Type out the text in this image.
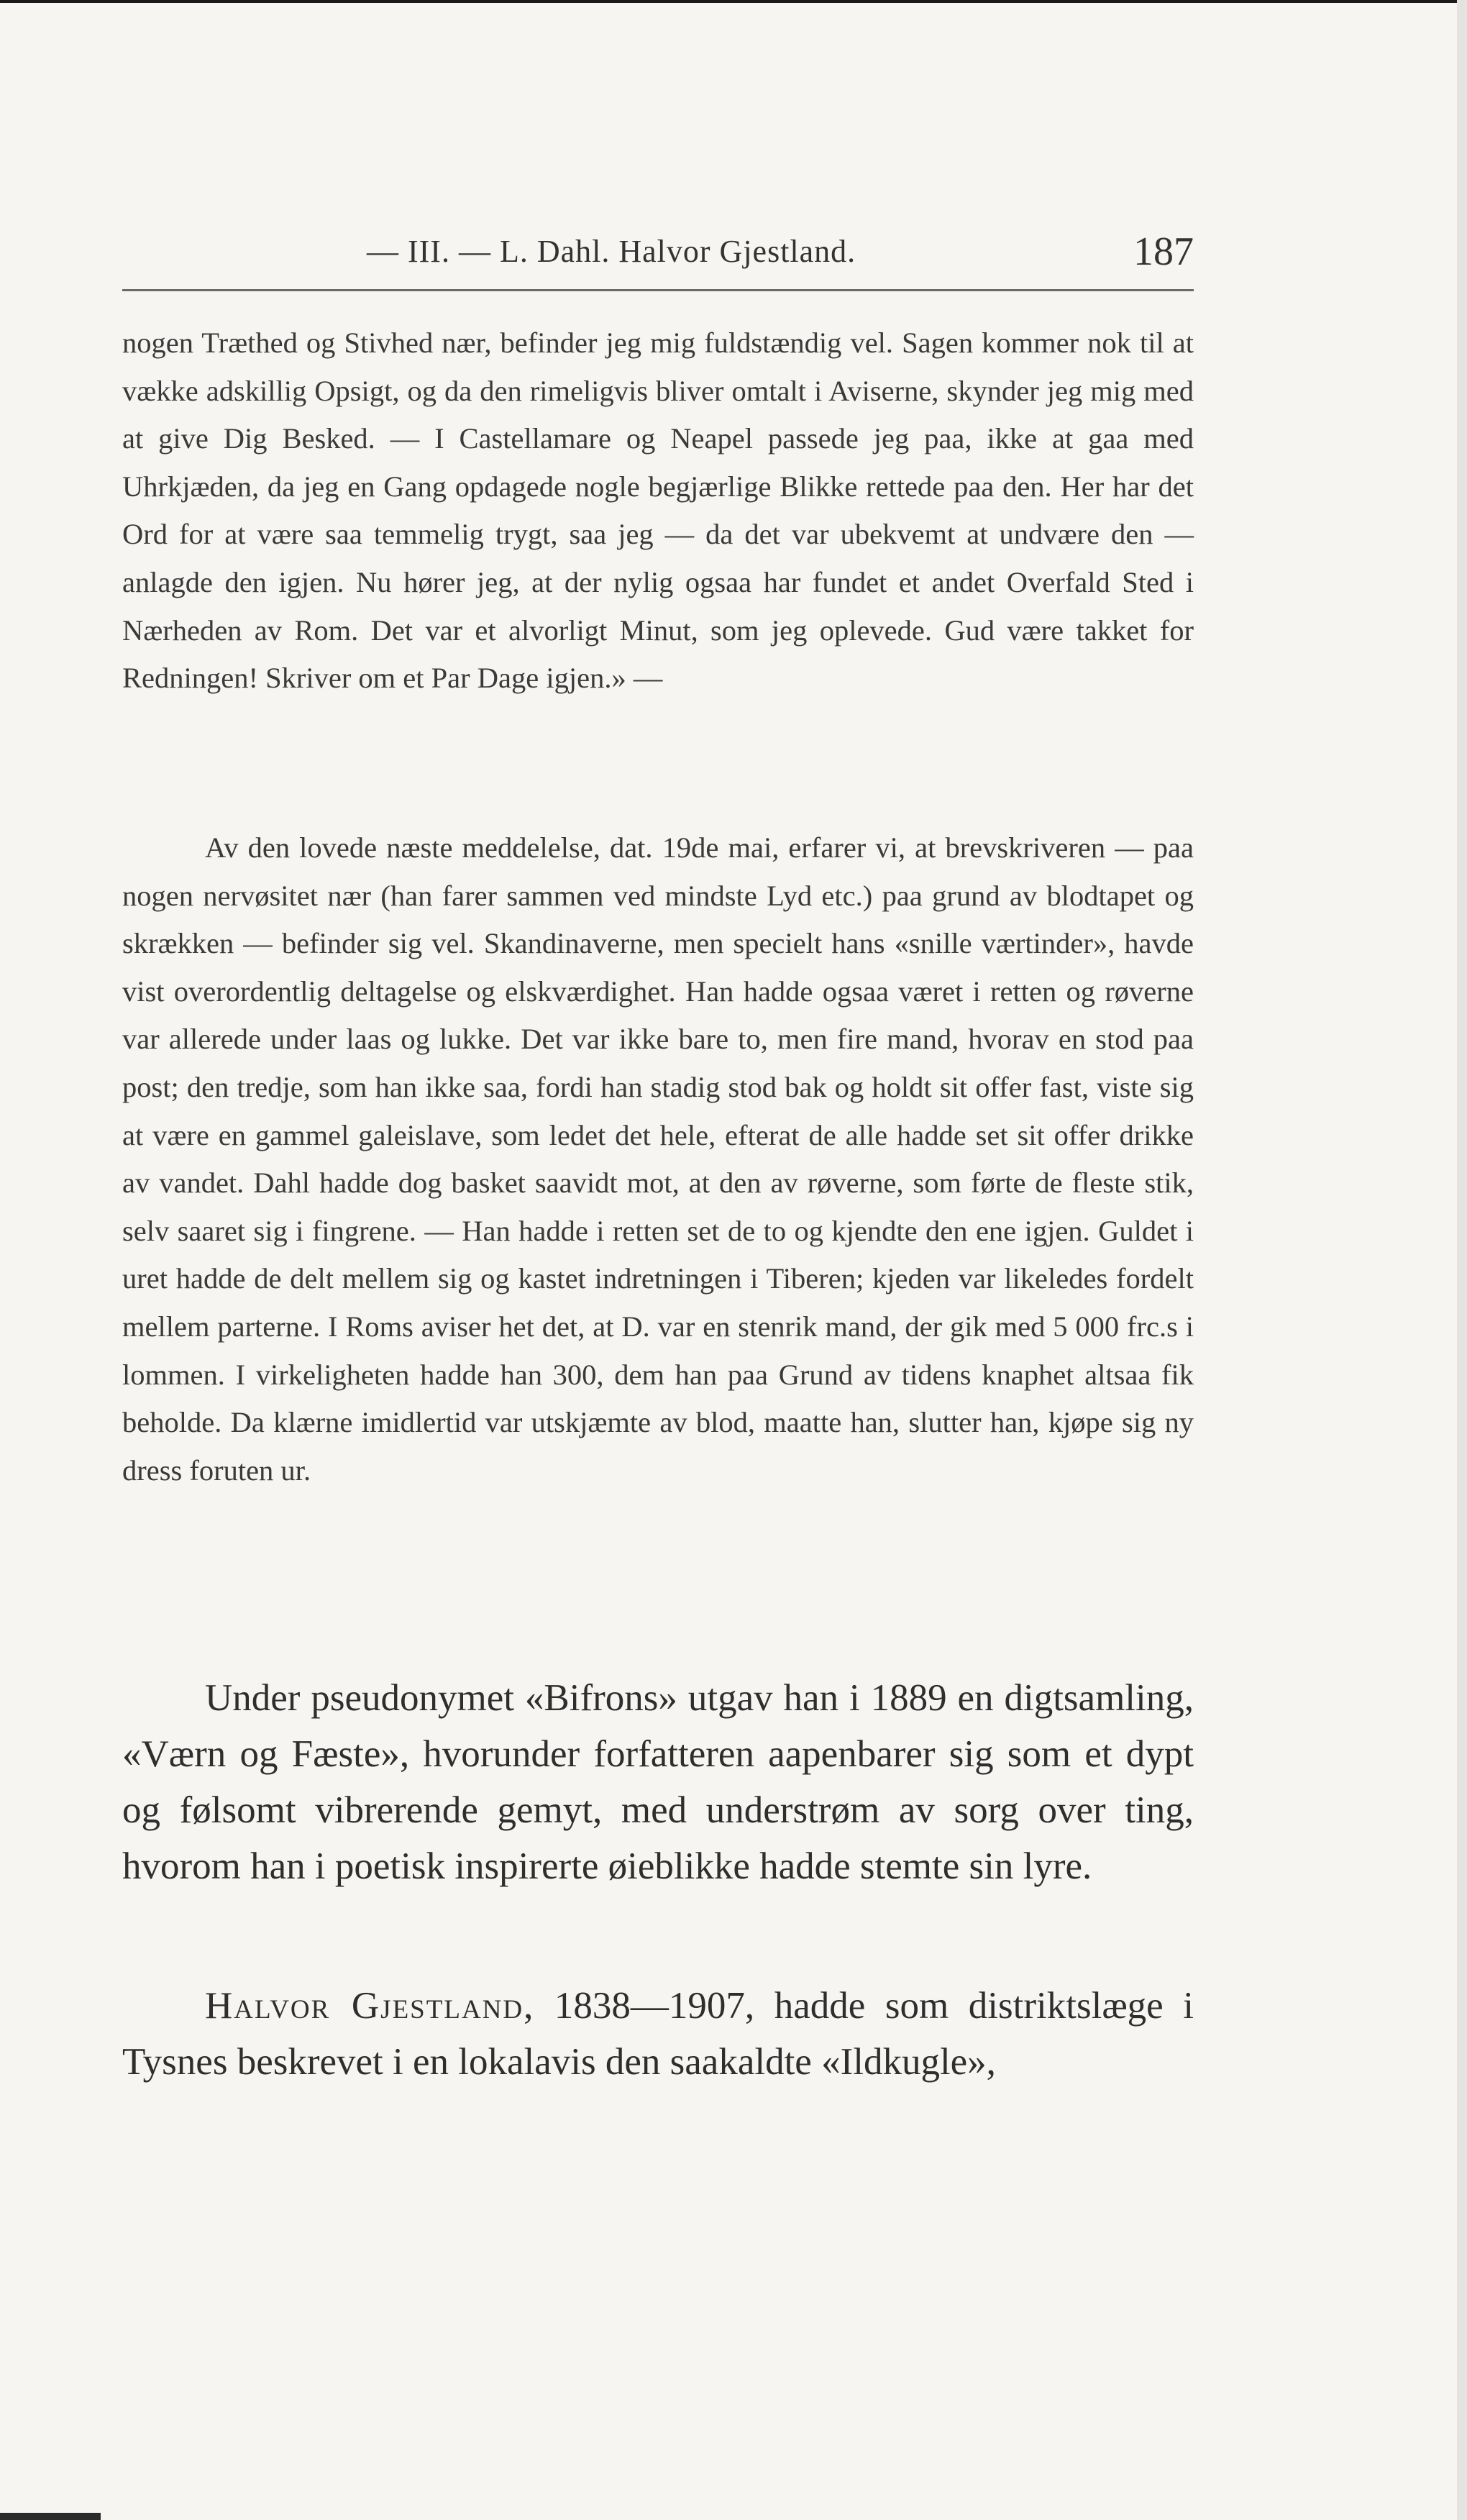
— III. — L. Dahl. Halvor Gjestland.	187

nogen Træthed og Stivhed nær, befinder jeg mig fuldstændig vel. Sagen kommer nok til at vække adskillig Opsigt, og da den rimeligvis bliver omtalt i Aviserne, skynder jeg mig med at give Dig Besked. — I Castellamare og Neapel passede jeg paa, ikke at gaa med Uhrkjæden, da jeg en Gang opdagede nogle begjærlige Blikke rettede paa den. Her har det Ord for at være saa temmelig trygt, saa jeg — da det var ubekvemt at undvære den — anlagde den igjen. Nu hører jeg, at der nylig ogsaa har fundet et andet Overfald Sted i Nærheden av Rom. Det var et alvorligt Minut, som jeg oplevede. Gud være takket for Redningen! Skriver om et Par Dage igjen.» —

Av den lovede næste meddelelse, dat. 19de mai, erfarer vi, at brevskriveren — paa nogen nervøsitet nær (han farer sammen ved mindste Lyd etc.) paa grund av blodtapet og skrækken — befinder sig vel. Skandinaverne, men specielt hans «snille værtinder», havde vist overordentlig deltagelse og elskværdighet. Han hadde ogsaa været i retten og røverne var allerede under laas og lukke. Det var ikke bare to, men fire mand, hvorav en stod paa post; den tredje, som han ikke saa, fordi han stadig stod bak og holdt sit offer fast, viste sig at være en gammel galeislave, som ledet det hele, efterat de alle hadde set sit offer drikke av vandet. Dahl hadde dog basket saavidt mot, at den av røverne, som førte de fleste stik, selv saaret sig i fingrene. — Han hadde i retten set de to og kjendte den ene igjen. Guldet i uret hadde de delt mellem sig og kastet indretningen i Tiberen; kjeden var likeledes fordelt mellem parterne. I Roms aviser het det, at D. var en stenrik mand, der gik med 5 000 frc.s i lommen. I virkeligheten hadde han 300, dem han paa Grund av tidens knaphet altsaa fik beholde. Da klærne imidlertid var utskjæmte av blod, maatte han, slutter han, kjøpe sig ny dress foruten ur.

Under pseudonymet «Bifrons» utgav han i 1889 en digtsamling, «Værn og Fæste», hvorunder forfatteren aapenbarer sig som et dypt og følsomt vibrerende gemyt, med understrøm av sorg over ting, hvorom han i poetisk inspirerte øieblikke hadde stemte sin lyre.

Halvor Gjestland, 1838—1907, hadde som distriktslæge i Tysnes beskrevet i en lokalavis den saakaldte «Ildkugle»,
